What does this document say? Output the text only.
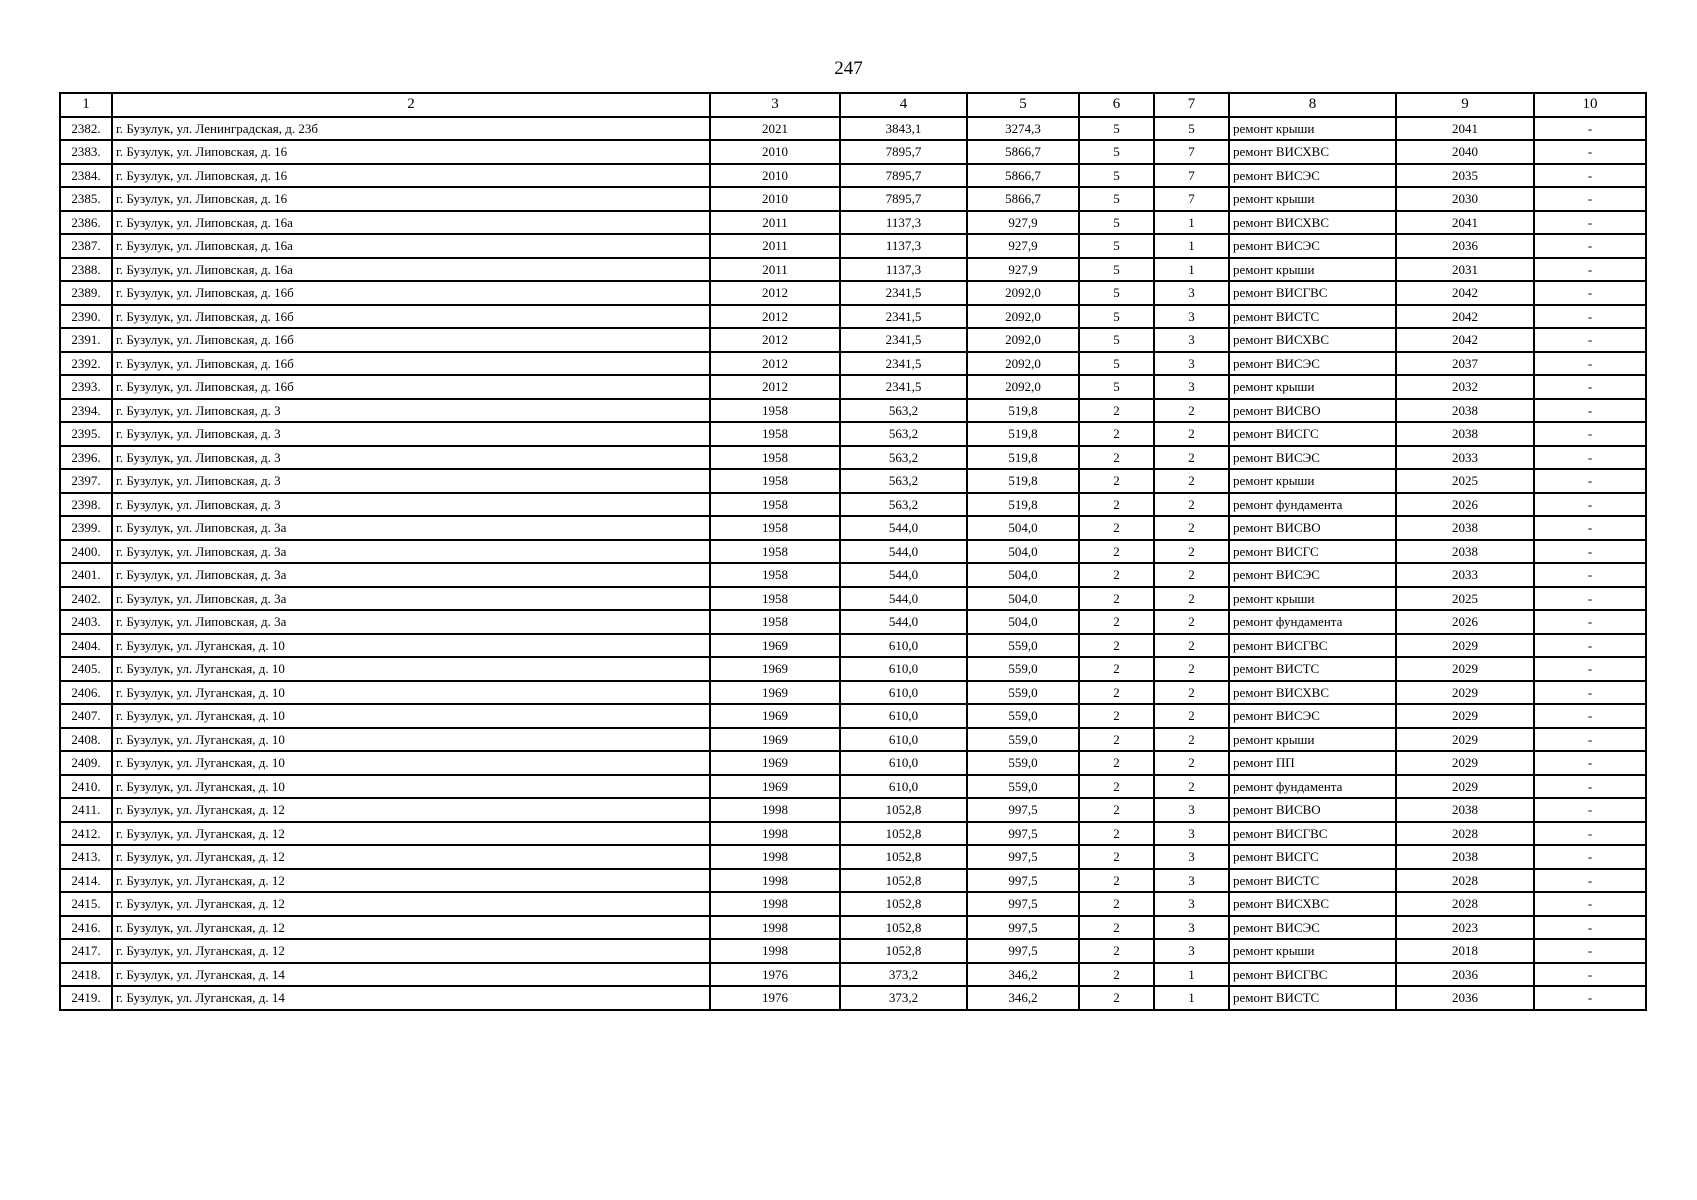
247
1	2	3	4	5	6	7	8	9	10
2382.	г. Бузулук, ул. Ленинградская, д. 23б	2021	3843,1	3274,3	5	5	ремонт крыши	2041	-
2383.	г. Бузулук, ул. Липовская, д. 16	2010	7895,7	5866,7	5	7	ремонт ВИСХВС	2040	-
2384.	г. Бузулук, ул. Липовская, д. 16	2010	7895,7	5866,7	5	7	ремонт ВИСЭС	2035	-
2385.	г. Бузулук, ул. Липовская, д. 16	2010	7895,7	5866,7	5	7	ремонт крыши	2030	-
2386.	г. Бузулук, ул. Липовская, д. 16а	2011	1137,3	927,9	5	1	ремонт ВИСХВС	2041	-
2387.	г. Бузулук, ул. Липовская, д. 16а	2011	1137,3	927,9	5	1	ремонт ВИСЭС	2036	-
2388.	г. Бузулук, ул. Липовская, д. 16а	2011	1137,3	927,9	5	1	ремонт крыши	2031	-
2389.	г. Бузулук, ул. Липовская, д. 16б	2012	2341,5	2092,0	5	3	ремонт ВИСГВС	2042	-
2390.	г. Бузулук, ул. Липовская, д. 16б	2012	2341,5	2092,0	5	3	ремонт ВИСТС	2042	-
2391.	г. Бузулук, ул. Липовская, д. 16б	2012	2341,5	2092,0	5	3	ремонт ВИСХВС	2042	-
2392.	г. Бузулук, ул. Липовская, д. 16б	2012	2341,5	2092,0	5	3	ремонт ВИСЭС	2037	-
2393.	г. Бузулук, ул. Липовская, д. 16б	2012	2341,5	2092,0	5	3	ремонт крыши	2032	-
2394.	г. Бузулук, ул. Липовская, д. 3	1958	563,2	519,8	2	2	ремонт ВИСВО	2038	-
2395.	г. Бузулук, ул. Липовская, д. 3	1958	563,2	519,8	2	2	ремонт ВИСГС	2038	-
2396.	г. Бузулук, ул. Липовская, д. 3	1958	563,2	519,8	2	2	ремонт ВИСЭС	2033	-
2397.	г. Бузулук, ул. Липовская, д. 3	1958	563,2	519,8	2	2	ремонт крыши	2025	-
2398.	г. Бузулук, ул. Липовская, д. 3	1958	563,2	519,8	2	2	ремонт фундамента	2026	-
2399.	г. Бузулук, ул. Липовская, д. 3а	1958	544,0	504,0	2	2	ремонт ВИСВО	2038	-
2400.	г. Бузулук, ул. Липовская, д. 3а	1958	544,0	504,0	2	2	ремонт ВИСГС	2038	-
2401.	г. Бузулук, ул. Липовская, д. 3а	1958	544,0	504,0	2	2	ремонт ВИСЭС	2033	-
2402.	г. Бузулук, ул. Липовская, д. 3а	1958	544,0	504,0	2	2	ремонт крыши	2025	-
2403.	г. Бузулук, ул. Липовская, д. 3а	1958	544,0	504,0	2	2	ремонт фундамента	2026	-
2404.	г. Бузулук, ул. Луганская, д. 10	1969	610,0	559,0	2	2	ремонт ВИСГВС	2029	-
2405.	г. Бузулук, ул. Луганская, д. 10	1969	610,0	559,0	2	2	ремонт ВИСТС	2029	-
2406.	г. Бузулук, ул. Луганская, д. 10	1969	610,0	559,0	2	2	ремонт ВИСХВС	2029	-
2407.	г. Бузулук, ул. Луганская, д. 10	1969	610,0	559,0	2	2	ремонт ВИСЭС	2029	-
2408.	г. Бузулук, ул. Луганская, д. 10	1969	610,0	559,0	2	2	ремонт крыши	2029	-
2409.	г. Бузулук, ул. Луганская, д. 10	1969	610,0	559,0	2	2	ремонт ПП	2029	-
2410.	г. Бузулук, ул. Луганская, д. 10	1969	610,0	559,0	2	2	ремонт фундамента	2029	-
2411.	г. Бузулук, ул. Луганская, д. 12	1998	1052,8	997,5	2	3	ремонт ВИСВО	2038	-
2412.	г. Бузулук, ул. Луганская, д. 12	1998	1052,8	997,5	2	3	ремонт ВИСГВС	2028	-
2413.	г. Бузулук, ул. Луганская, д. 12	1998	1052,8	997,5	2	3	ремонт ВИСГС	2038	-
2414.	г. Бузулук, ул. Луганская, д. 12	1998	1052,8	997,5	2	3	ремонт ВИСТС	2028	-
2415.	г. Бузулук, ул. Луганская, д. 12	1998	1052,8	997,5	2	3	ремонт ВИСХВС	2028	-
2416.	г. Бузулук, ул. Луганская, д. 12	1998	1052,8	997,5	2	3	ремонт ВИСЭС	2023	-
2417.	г. Бузулук, ул. Луганская, д. 12	1998	1052,8	997,5	2	3	ремонт крыши	2018	-
2418.	г. Бузулук, ул. Луганская, д. 14	1976	373,2	346,2	2	1	ремонт ВИСГВС	2036	-
2419.	г. Бузулук, ул. Луганская, д. 14	1976	373,2	346,2	2	1	ремонт ВИСТС	2036	-
